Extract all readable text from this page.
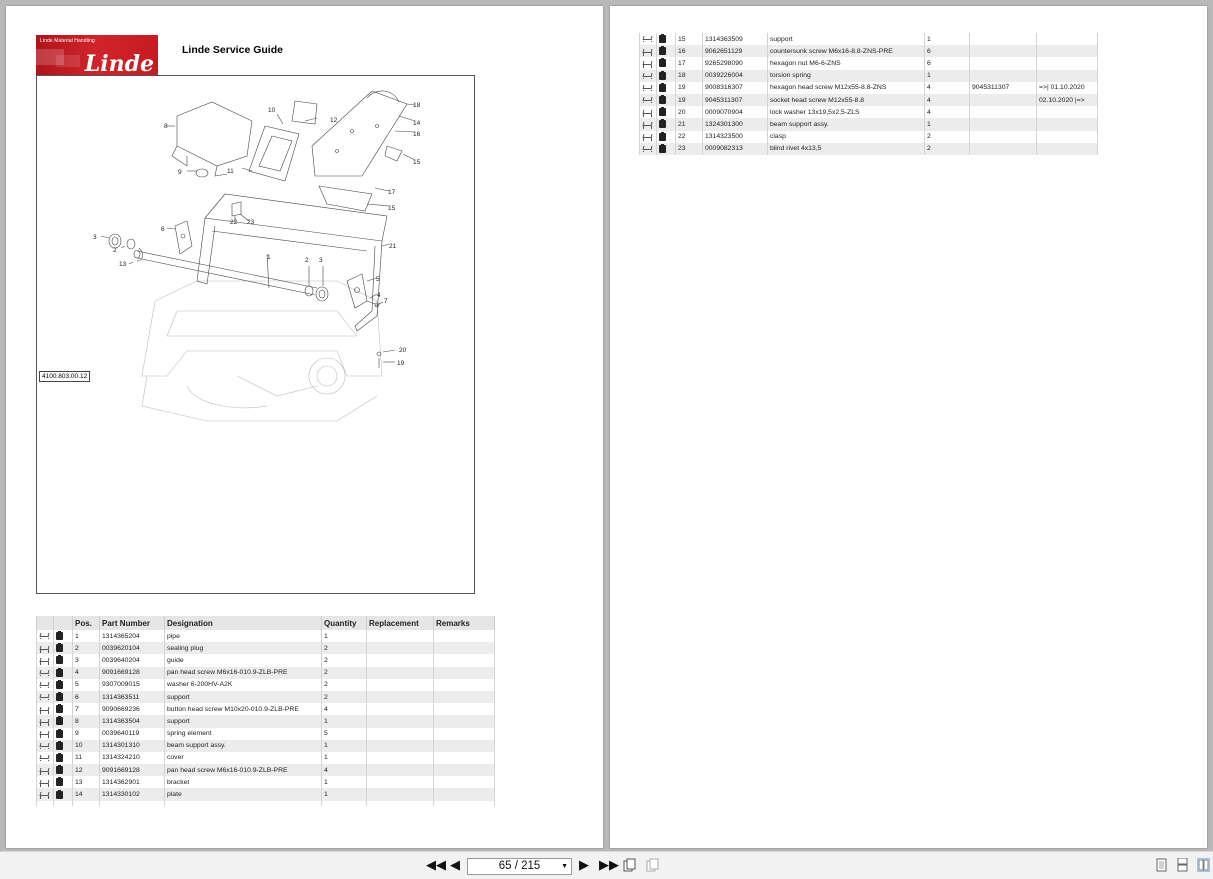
Linde Material Handling
Linde
Linde Service Guide
1	2 3
3
2
13
4
5
6
7
8
9
10
11
12	14
15
15
16
17
18
19
20
21
22 23
4100.803.00.12
		Pos.	Part Number	Designation	Quantity	Replacement	Remarks
		1	1314365204	pipe	1		
		2	0039620104	sealing plug	2		
		3	0039640204	guide	2		
		4	9091669128	pan head screw M6x16-010.9-ZLB-PRE	2		
		5	9307009015	washer 6-200HV-A2K	2		
		6	1314363511	support	2		
		7	9090669236	button head screw M10x20-010.9-ZLB-PRE	4		
		8	1314363504	support	1		
		9	0039640119	spring element	5		
		10	1314301310	beam support assy.	1		
		11	1314324210	cover	1		
		12	9091669128	pan head screw M6x16-010.9-ZLB-PRE	4		
		13	1314362901	bracket	1		
		14	1314330102	plate	1		

		15	1314363509	support	1		
		16	9062651129	countersunk screw M6x16-8.8-ZNS-PRE	6		
		17	9265298090	hexagon nut M6-6-ZNS	6		
		18	0039226004	torsion spring	1		
		19	9008316307	hexagon head screw M12x55-8.8-ZNS	4	9045311307	=>| 01.10.2020
		19	9045311307	socket head screw M12x55-8.8	4		02.10.2020 |=>
		20	0009070904	lock washer 13x19,5x2,5-ZLS	4		
		21	1324301300	beam support assy.	1		
		22	1314323500	clasp	2		
		23	0009082313	blind rivet 4x13,5	2		
◀◀ ◀	65 / 215	▼ ▶ ▶▶
